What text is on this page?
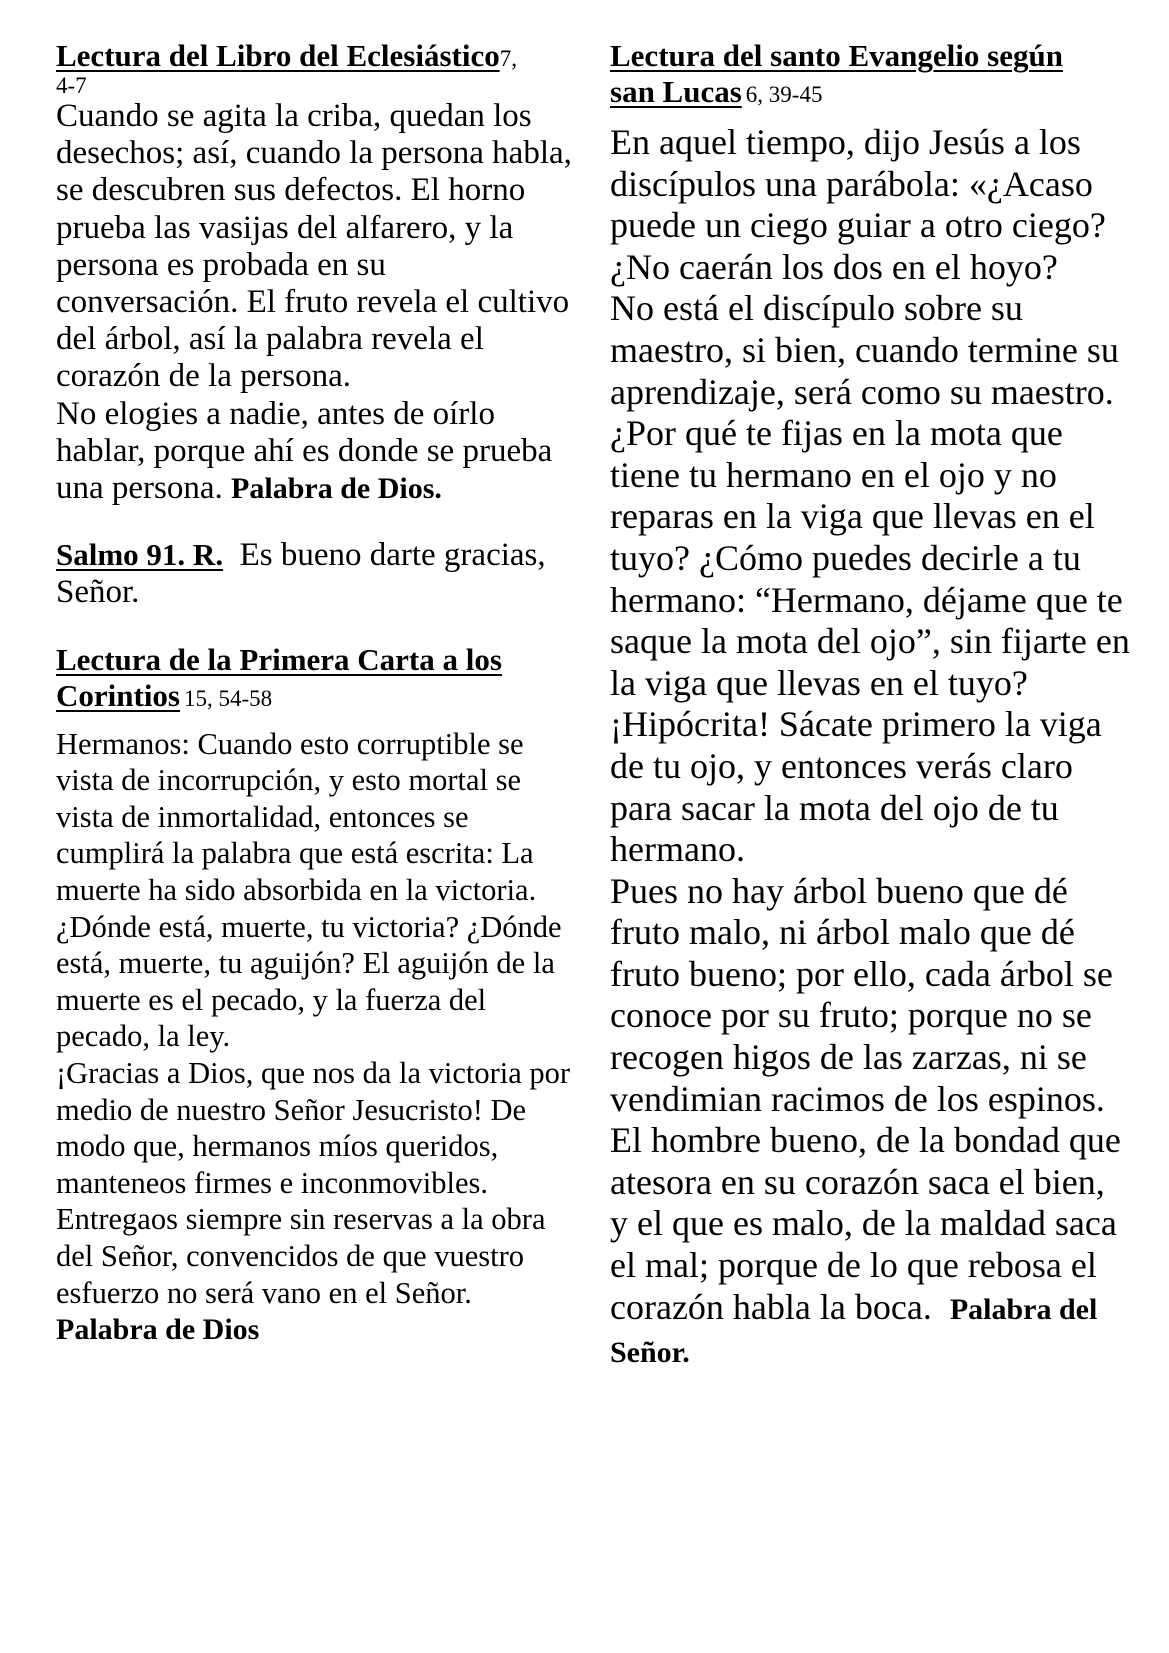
Lectura del Libro del Eclesiástico7,
4-7

Cuando se agita la criba, quedan los desechos; así, cuando la persona habla, se descubren sus defectos. El horno prueba las vasijas del alfarero, y la persona es probada en su conversación. El fruto revela el cultivo del árbol, así la palabra revela el corazón de la persona.

No elogies a nadie, antes de oírlo hablar, porque ahí es donde se prueba una persona. Palabra de Dios.

Salmo 91. R. Es bueno darte gracias, Señor.
Lectura de la Primera Carta a los
Corintios 15, 54-58

Hermanos: Cuando esto corruptible se vista de incorrupción, y esto mortal se vista de inmortalidad, entonces se cumplirá la palabra que está escrita: La muerte ha sido absorbida en la victoria. ¿Dónde está, muerte, tu victoria? ¿Dónde está, muerte, tu aguijón? El aguijón de la muerte es el pecado, y la fuerza del pecado, la ley.

¡Gracias a Dios, que nos da la victoria por medio de nuestro Señor Jesucristo! De modo que, hermanos míos queridos, manteneos firmes e inconmovibles. Entregaos siempre sin reservas a la obra del Señor, convencidos de que vuestro esfuerzo no será vano en el Señor.  Palabra de Dios

Lectura del santo Evangelio según
san Lucas 6, 39-45

En aquel tiempo, dijo Jesús a los discípulos una parábola: «¿Acaso puede un ciego guiar a otro ciego? ¿No caerán los dos en el hoyo?

No está el discípulo sobre su maestro, si bien, cuando termine su aprendizaje, será como su maestro.

¿Por qué te fijas en la mota que tiene tu hermano en el ojo y no reparas en la viga que llevas en el tuyo? ¿Cómo puedes decirle a tu hermano: “Hermano, déjame que te saque la mota del ojo”, sin fijarte en la viga que llevas en el tuyo? ¡Hipócrita! Sácate primero la viga de tu ojo, y entonces verás claro para sacar la mota del ojo de tu hermano.

Pues no hay árbol bueno que dé fruto malo, ni árbol malo que dé fruto bueno; por ello, cada árbol se conoce por su fruto; porque no se recogen higos de las zarzas, ni se vendimian racimos de los espinos.

El hombre bueno, de la bondad que atesora en su corazón saca el bien, y el que es malo, de la maldad saca el mal; porque de lo que rebosa el corazón habla la boca. Palabra del Señor.
